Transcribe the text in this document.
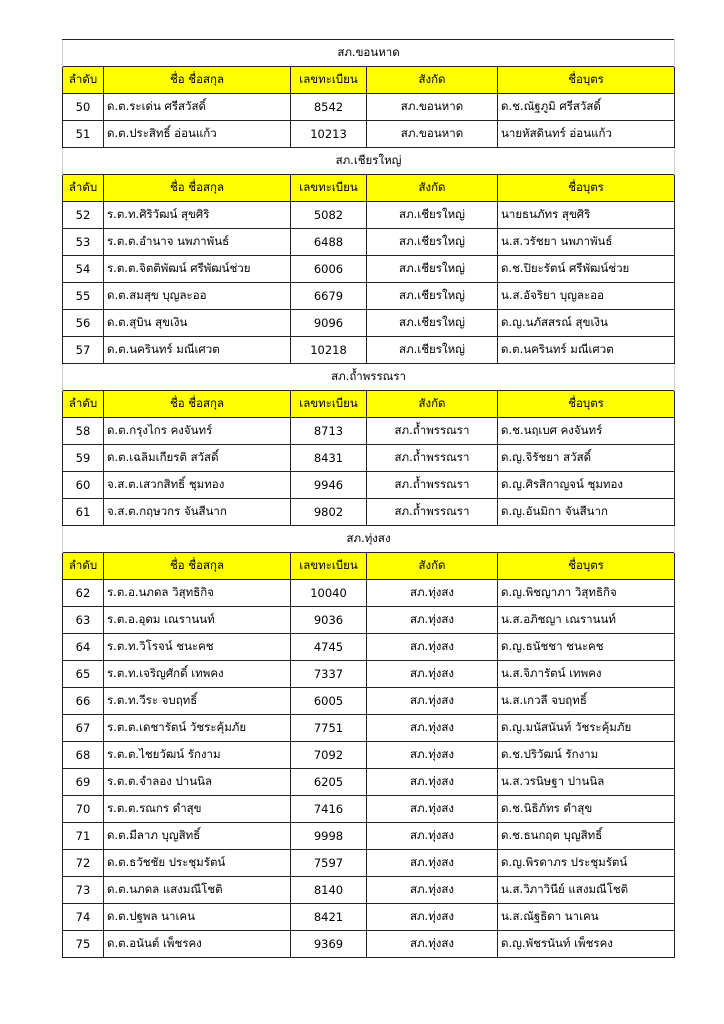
สภ.ขอนหาด				
ลำดับ	ชื่อ ชื่อสกุล	เลขทะเบียน	สังกัด	ชื่อบุตร
50	ด.ต.ระเด่น ศรีสวัสดิ์	8542	สภ.ขอนหาด	ด.ช.ณัฐภูมิ ศรีสวัสดิ์
51	ด.ต.ประสิทธิ์ อ่อนแก้ว	10213	สภ.ขอนหาด	นายหัสดินทร์ อ่อนแก้ว
สภ.เชียรใหญ่				
ลำดับ	ชื่อ ชื่อสกุล	เลขทะเบียน	สังกัด	ชื่อบุตร
52	ร.ต.ท.ศิริวัฒน์ สุขศิริ	5082	สภ.เชียรใหญ่	นายธนภัทร สุขศิริ
53	ร.ต.ต.อำนาจ นพภาพันธ์	6488	สภ.เชียรใหญ่	น.ส.วรัชยา นพภาพันธ์
54	ร.ต.ต.จิตติพัฒน์ ศรีพัฒน์ช่วย	6006	สภ.เชียรใหญ่	ด.ช.ปิยะรัตน์ ศรีพัฒน์ช่วย
55	ด.ต.สมสุข บุญละออ	6679	สภ.เชียรใหญ่	น.ส.อัจริยา บุญละออ
56	ด.ต.สุบิน สุขเงิน	9096	สภ.เชียรใหญ่	ด.ญ.นภัสสรณ์ สุขเงิน
57	ด.ต.นครินทร์ มณีเศวต	10218	สภ.เชียรใหญ่	ด.ต.นครินทร์ มณีเศวต
สภ.ถ้ำพรรณรา				
ลำดับ	ชื่อ ชื่อสกุล	เลขทะเบียน	สังกัด	ชื่อบุตร
58	ด.ต.กรุงไกร คงจันทร์	8713	สภ.ถ้ำพรรณรา	ด.ช.นฤเบศ คงจันทร์
59	ด.ต.เฉลิมเกียรติ สวัสดิ์	8431	สภ.ถ้ำพรรณรา	ด.ญ.จิรัชยา สวัสดิ์
60	จ.ส.ต.เสวกสิทธิ์ ชุมทอง	9946	สภ.ถ้ำพรรณรา	ด.ญ.ศิรสิกาญจน์ ชุมทอง
61	จ.ส.ต.กฤษวกร จันสีนาก	9802	สภ.ถ้ำพรรณรา	ด.ญ.อันมิกา จันสีนาก
สภ.ทุ่งสง				
ลำดับ	ชื่อ ชื่อสกุล	เลขทะเบียน	สังกัด	ชื่อบุตร
62	ร.ต.อ.นภดล วิสุทธิกิจ	10040	สภ.ทุ่งสง	ด.ญ.พิชญาภา วิสุทธิกิจ
63	ร.ต.อ.อุดม เณรานนท์	9036	สภ.ทุ่งสง	น.ส.อภิชญา เณรานนท์
64	ร.ต.ท.วิโรจน์ ชนะคช	4745	สภ.ทุ่งสง	ด.ญ.ธนัชชา ชนะคช
65	ร.ต.ท.เจริญศักดิ์ เทพคง	7337	สภ.ทุ่งสง	น.ส.จิภารัตน์ เทพคง
66	ร.ต.ท.วีระ จบฤทธิ์	6005	สภ.ทุ่งสง	น.ส.เกวลี จบฤทธิ์
67	ร.ต.ต.เดชารัตน์ วัชระคุ้มภัย	7751	สภ.ทุ่งสง	ด.ญ.มนัสนันท์ วัชระคุ้มภัย
68	ร.ต.ต.ไชยวัฒน์ รักงาม	7092	สภ.ทุ่งสง	ด.ช.ปริวัฒน์ รักงาม
69	ร.ต.ต.จำลอง ปานนิล	6205	สภ.ทุ่งสง	น.ส.วรนิษฐา ปานนิล
70	ร.ต.ต.รณกร ดำสุข	7416	สภ.ทุ่งสง	ด.ช.นิธิภัทร ดำสุข
71	ด.ต.มีลาภ บุญสิทธิ์	9998	สภ.ทุ่งสง	ด.ช.ธนกฤต บุญสิทธิ์
72	ด.ต.ธวัชชัย ประชุมรัตน์	7597	สภ.ทุ่งสง	ด.ญ.พิรดาภร ประชุมรัตน์
73	ด.ต.นภดล แสงมณีโชติ	8140	สภ.ทุ่งสง	น.ส.วิภาวินีย์ แสงมณีโชติ
74	ด.ต.ปฐพล นาเคน	8421	สภ.ทุ่งสง	น.ส.ณัฐธิดา นาเคน
75	ด.ต.อนันต์ เพ็ชรคง	9369	สภ.ทุ่งสง	ด.ญ.พัชรนันท์ เพ็ชรคง
